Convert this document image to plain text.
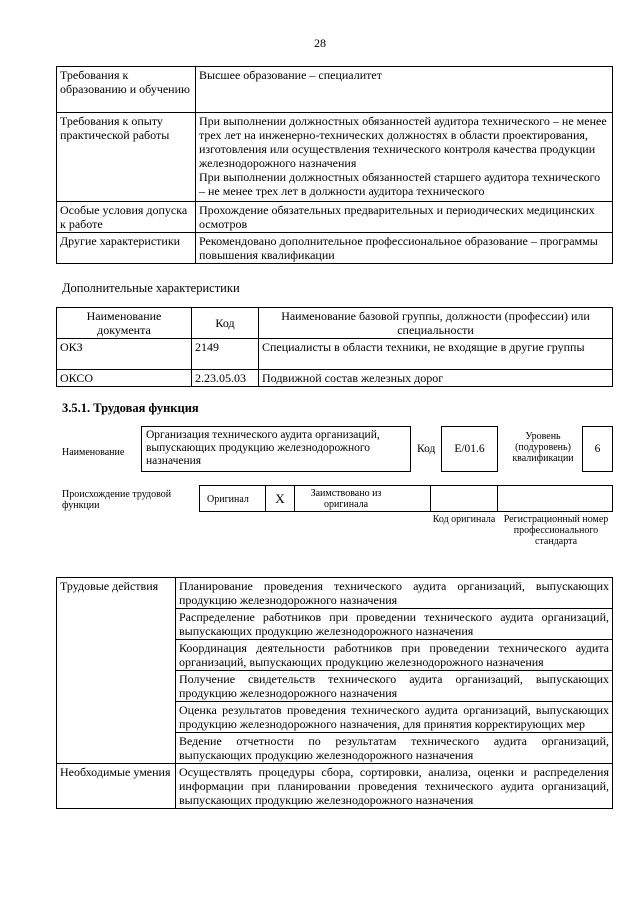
28
Требования к образованию и обучению	Высшее образование – специалитет
Требования к опыту практической работы	При выполнении должностных обязанностей аудитора технического – не менее трех лет на инженерно-технических должностях в области проектирования, изготовления или осуществления технического контроля качества продукции железнодорожного назначения
При выполнении должностных обязанностей старшего аудитора технического – не менее трех лет в должности аудитора технического
Особые условия допуска к работе	Прохождение обязательных предварительных и периодических медицинских осмотров
Другие характеристики	Рекомендовано дополнительное профессиональное образование – программы повышения квалификации
Дополнительные характеристики
Наименование документа	Код	Наименование базовой группы, должности (профессии) или специальности
ОКЗ	2149	Специалисты в области техники, не входящие в другие группы
ОКСО	2.23.05.03	Подвижной состав железных дорог
3.5.1. Трудовая функция
Наименование
Организация технического аудита организаций, выпускающих продукцию железнодорожного назначения
Код Е/01.6
Уровень (подуровень) квалификации
6
Происхождение трудовой функции
Оригинал X	Заимствовано из оригинала
Код оригинала Регистрационный номер профессионального стандарта
Трудовые действия	Планирование проведения технического аудита организаций, выпускающих продукцию железнодорожного назначения
	Распределение работников при проведении технического аудита организаций, выпускающих продукцию железнодорожного назначения
	Координация деятельности работников при проведении технического аудита организаций, выпускающих продукцию железнодорожного назначения
	Получение свидетельств технического аудита организаций, выпускающих продукцию железнодорожного назначения
	Оценка результатов проведения технического аудита организаций, выпускающих продукцию железнодорожного назначения, для принятия корректирующих мер
	Ведение отчетности по результатам технического аудита организаций, выпускающих продукцию железнодорожного назначения
Необходимые умения	Осуществлять процедуры сбора, сортировки, анализа, оценки и распределения информации при планировании проведения технического аудита организаций, выпускающих продукцию железнодорожного назначения
